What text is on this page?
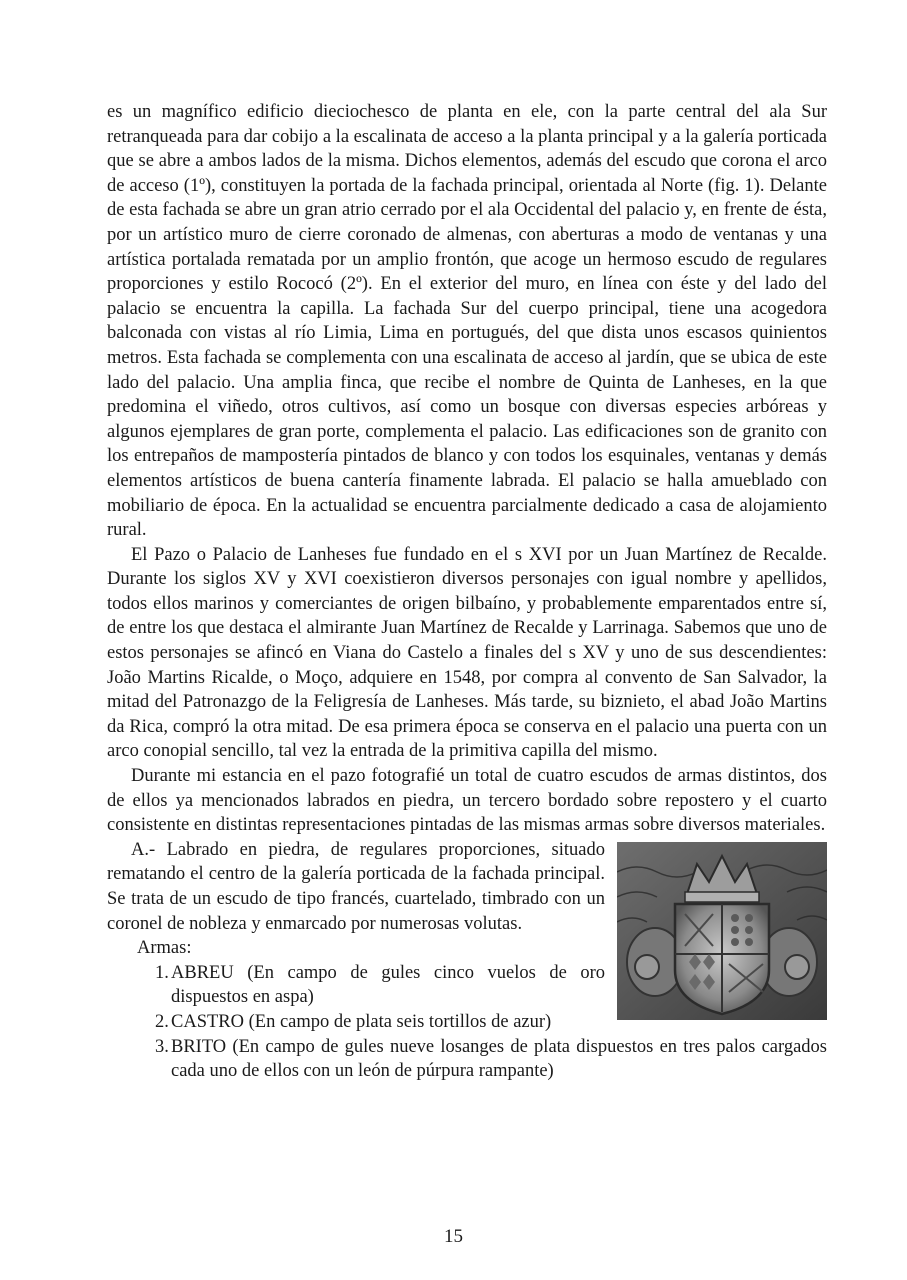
es un magnífico edificio dieciochesco de planta en ele, con la parte central del ala Sur retranqueada para dar cobijo a la escalinata de acceso a la planta principal y a la galería porticada que se abre a ambos lados de la misma. Dichos elementos, además del escudo que corona el arco de acceso (1º), constituyen la portada de la fachada principal, orientada al Norte (fig. 1). Delante de esta fachada se abre un gran atrio cerrado por el ala Occidental del palacio y, en frente de ésta, por un artístico muro de cierre coronado de almenas, con aberturas a modo de ventanas y una artística portalada rematada por un amplio frontón, que acoge un hermoso escudo de regulares proporciones y estilo Rococó (2º). En el exterior del muro, en línea con éste y del lado del palacio se encuentra la capilla. La fachada Sur del cuerpo principal, tiene una acogedora balconada con vistas al río Limia, Lima en portugués, del que dista unos escasos quinientos metros. Esta fachada se complementa con una escalinata de acceso al jardín, que se ubica de este lado del palacio. Una amplia finca, que recibe el nombre de Quinta de Lanheses, en la que predomina el viñedo, otros cultivos, así como un bosque con diversas especies arbóreas y algunos ejemplares de gran porte, complementa el palacio. Las edificaciones son de granito con los entrepaños de mampostería pintados de blanco y con todos los esquinales, ventanas y demás elementos artísticos de buena cantería finamente labrada. El palacio se halla amueblado con mobiliario de época. En la actualidad se encuentra parcialmente dedicado a casa de alojamiento rural.

El Pazo o Palacio de Lanheses fue fundado en el s XVI por un Juan Martínez de Recalde. Durante los siglos XV y XVI coexistieron diversos personajes con igual nombre y apellidos, todos ellos marinos y comerciantes de origen bilbaíno, y probablemente emparentados entre sí, de entre los que destaca el almirante Juan Martínez de Recalde y Larrinaga. Sabemos que uno de estos personajes se afincó en Viana do Castelo a finales del s XV y uno de sus descendientes: João Martins Ricalde, o Moço, adquiere en 1548, por compra al convento de San Salvador, la mitad del Patronazgo de la Feligresía de Lanheses. Más tarde, su biznieto, el abad João Martins da Rica, compró la otra mitad. De esa primera época se conserva en el palacio una puerta con un arco conopial sencillo, tal vez la entrada de la primitiva capilla del mismo.

Durante mi estancia en el pazo fotografié un total de cuatro escudos de armas distintos, dos de ellos ya mencionados labrados en piedra, un tercero bordado sobre repostero y el cuarto consistente en distintas representaciones pintadas de las mismas armas sobre diversos materiales.

A.- Labrado en piedra, de regulares proporciones, situado rematando el centro de la galería porticada de la fachada principal. Se trata de un escudo de tipo francés, cuartelado, timbrado con un coronel de nobleza y enmarcado por numerosas volutas.

Armas:

1. ABREU (En campo de gules cinco vuelos de oro dispuestos en aspa)
2. CASTRO (En campo de plata seis tortillos de azur)
3. BRITO (En campo de gules nueve losanges de plata dispuestos en tres palos cargados cada uno de ellos con un león de púrpura rampante)
15
